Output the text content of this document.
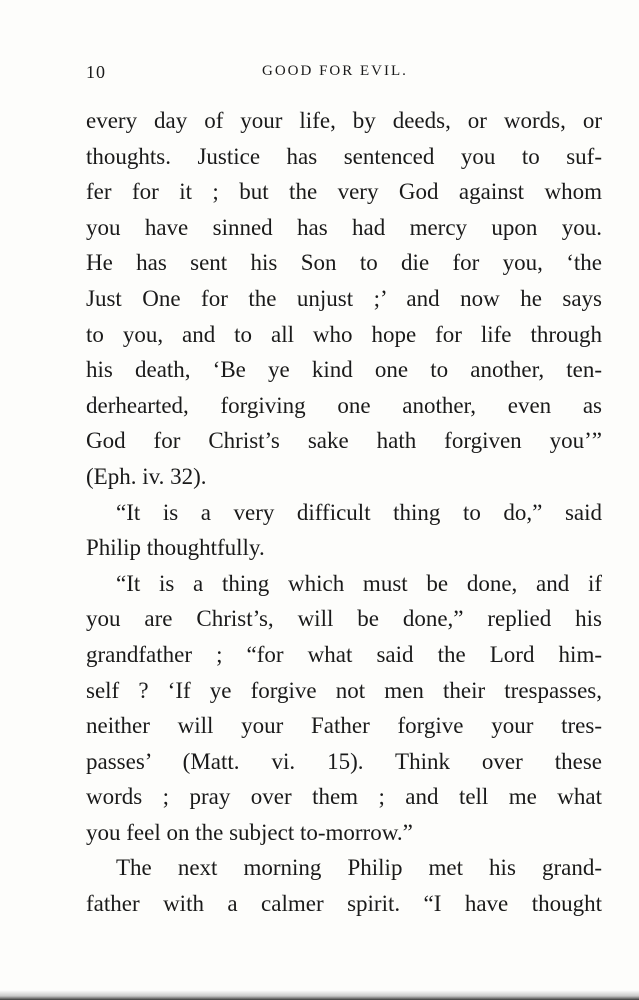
10	GOOD FOR EVIL.
every day of your life, by deeds, or words, or
thoughts. Justice has sentenced you to suf-
fer for it ; but the very God against whom
you have sinned has had mercy upon you.
He has sent his Son to die for you, ‘the
Just One for the unjust ;’ and now he says
to you, and to all who hope for life through
his death, ‘Be ye kind one to another, ten-
derhearted, forgiving one another, even as
God for Christ’s sake hath forgiven you’”
(Eph. iv. 32).
“It is a very difficult thing to do,” said
Philip thoughtfully.
“It is a thing which must be done, and if
you are Christ’s, will be done,” replied his
grandfather ; “for what said the Lord him-
self ? ‘If ye forgive not men their trespasses,
neither will your Father forgive your tres-
passes’ (Matt. vi. 15). Think over these
words ; pray over them ; and tell me what
you feel on the subject to-morrow.”
The next morning Philip met his grand-
father with a calmer spirit. “I have thought
